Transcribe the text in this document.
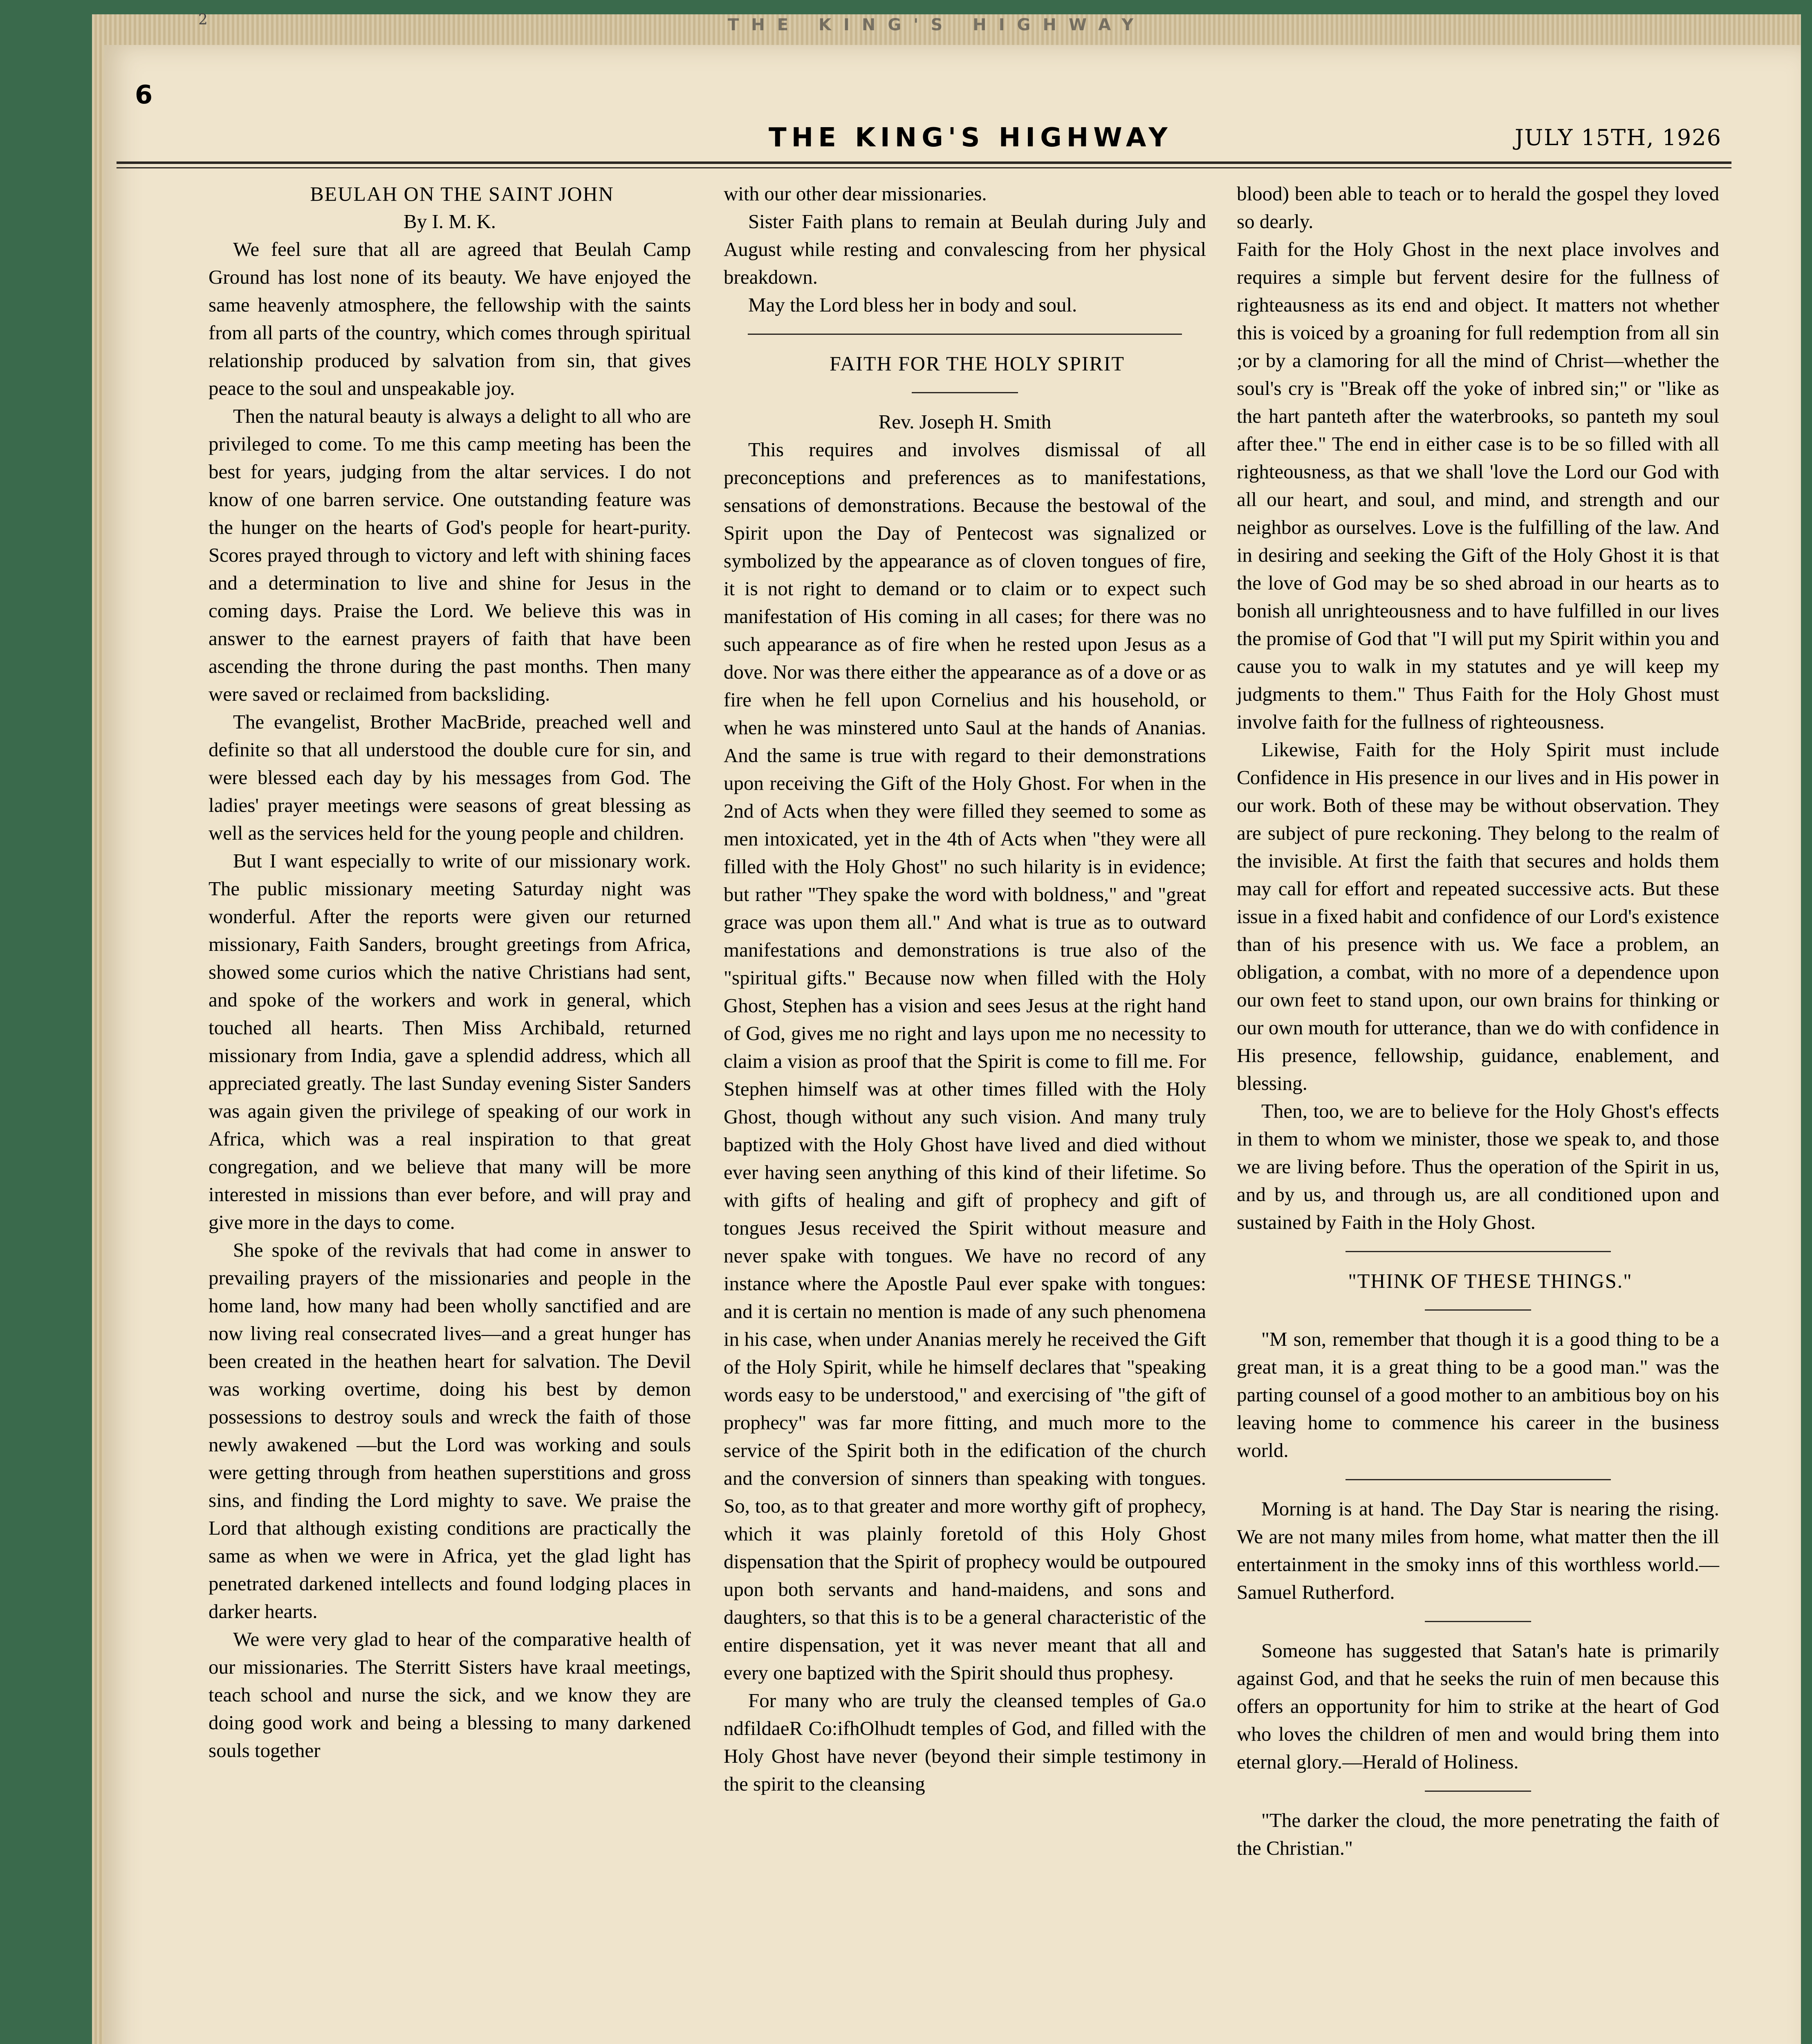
2	THE KING'S HIGHWAY
6
THE KING'S HIGHWAY	JULY 15TH, 1926

BEULAH ON THE SAINT JOHN

By I. M. K.

We feel sure that all are agreed that Beulah Camp Ground has lost none of its beauty. We have enjoyed the same heavenly atmosphere, the fellowship with the saints from all parts of the country, which comes through spiritual relationship produced by salvation from sin, that gives peace to the soul and unspeakable joy.

Then the natural beauty is always a delight to all who are privileged to come. To me this camp meeting has been the best for years, judging from the altar services. I do not know of one barren service. One outstanding feature was the hunger on the hearts of God's people for heart-purity. Scores prayed through to victory and left with shining faces and a determination to live and shine for Jesus in the coming days. Praise the Lord. We believe this was in answer to the earnest prayers of faith that have been ascending the throne during the past months. Then many were saved or reclaimed from backsliding.

The evangelist, Brother MacBride, preached well and definite so that all understood the double cure for sin, and were blessed each day by his messages from God. The ladies' prayer meetings were seasons of great blessing as well as the services held for the young people and children.

But I want especially to write of our missionary work. The public missionary meeting Saturday night was wonderful. After the reports were given our returned missionary, Faith Sanders, brought greetings from Africa, showed some curios which the native Christians had sent, and spoke of the workers and work in general, which touched all hearts. Then Miss Archibald, returned missionary from India, gave a splendid address, which all appreciated greatly. The last Sunday evening Sister Sanders was again given the privilege of speaking of our work in Africa, which was a real inspiration to that great congregation, and we believe that many will be more interested in missions than ever before, and will pray and give more in the days to come.

She spoke of the revivals that had come in answer to prevailing prayers of the missionaries and people in the home land, how many had been wholly sanctified and are now living real consecrated lives—and a great hunger has been created in the heathen heart for salvation. The Devil was working overtime, doing his best by demon possessions to destroy souls and wreck the faith of those newly awakened —but the Lord was working and souls were getting through from heathen superstitions and gross sins, and finding the Lord mighty to save. We praise the Lord that although existing conditions are practically the same as when we were in Africa, yet the glad light has penetrated darkened intellects and found lodging places in darker hearts.

We were very glad to hear of the comparative health of our missionaries. The Sterritt Sisters have kraal meetings, teach school and nurse the sick, and we know they are doing good work and being a blessing to many darkened souls together

with our other dear missionaries.

Sister Faith plans to remain at Beulah during July and August while resting and convalescing from her physical breakdown.

May the Lord bless her in body and soul.

FAITH FOR THE HOLY SPIRIT

Rev. Joseph H. Smith

This requires and involves dismissal of all preconceptions and preferences as to manifestations, sensations of demonstrations. Because the bestowal of the Spirit upon the Day of Pentecost was signalized or symbolized by the appearance as of cloven tongues of fire, it is not right to demand or to claim or to expect such manifestation of His coming in all cases; for there was no such appearance as of fire when he rested upon Jesus as a dove. Nor was there either the appearance as of a dove or as fire when he fell upon Cornelius and his household, or when he was minstered unto Saul at the hands of Ananias. And the same is true with regard to their demonstrations upon receiving the Gift of the Holy Ghost. For when in the 2nd of Acts when they were filled they seemed to some as men intoxicated, yet in the 4th of Acts when "they were all filled with the Holy Ghost" no such hilarity is in evidence; but rather "They spake the word with boldness," and "great grace was upon them all." And what is true as to outward manifestations and demonstrations is true also of the "spiritual gifts." Because now when filled with the Holy Ghost, Stephen has a vision and sees Jesus at the right hand of God, gives me no right and lays upon me no necessity to claim a vision as proof that the Spirit is come to fill me. For Stephen himself was at other times filled with the Holy Ghost, though without any such vision. And many truly baptized with the Holy Ghost have lived and died without ever having seen anything of this kind of their lifetime. So with gifts of healing and gift of prophecy and gift of tongues Jesus received the Spirit without measure and never spake with tongues. We have no record of any instance where the Apostle Paul ever spake with tongues: and it is certain no mention is made of any such phenomena in his case, when under Ananias merely he received the Gift of the Holy Spirit, while he himself declares that "speaking words easy to be understood," and exercising of "the gift of prophecy" was far more fitting, and much more to the service of the Spirit both in the edification of the church and the conversion of sinners than speaking with tongues. So, too, as to that greater and more worthy gift of prophecy, which it was plainly foretold of this Holy Ghost dispensation that the Spirit of prophecy would be outpoured upon both servants and hand-maidens, and sons and daughters, so that this is to be a general characteristic of the entire dispensation, yet it was never meant that all and every one baptized with the Spirit should thus prophesy.

For many who are truly the cleansed temples of Ga.o ndfildaeR Co:ifhOlhudt temples of God, and filled with the Holy Ghost have never (beyond their simple testimony in the spirit to the cleansing

blood) been able to teach or to herald the gospel they loved so dearly.

Faith for the Holy Ghost in the next place involves and requires a simple but fervent desire for the fullness of righteausness as its end and object. It matters not whether this is voiced by a groaning for full redemption from all sin ;or by a clamoring for all the mind of Christ—whether the soul's cry is "Break off the yoke of inbred sin;" or "like as the hart panteth after the waterbrooks, so panteth my soul after thee." The end in either case is to be so filled with all righteousness, as that we shall 'love the Lord our God with all our heart, and soul, and mind, and strength and our neighbor as ourselves. Love is the fulfilling of the law. And in desiring and seeking the Gift of the Holy Ghost it is that the love of God may be so shed abroad in our hearts as to bonish all unrighteousness and to have fulfilled in our lives the promise of God that "I will put my Spirit within you and cause you to walk in my statutes and ye will keep my judgments to them." Thus Faith for the Holy Ghost must involve faith for the fullness of righteousness.

Likewise, Faith for the Holy Spirit must include Confidence in His presence in our lives and in His power in our work. Both of these may be without observation. They are subject of pure reckoning. They belong to the realm of the invisible. At first the faith that secures and holds them may call for effort and repeated successive acts. But these issue in a fixed habit and confidence of our Lord's existence than of his presence with us. We face a problem, an obligation, a combat, with no more of a dependence upon our own feet to stand upon, our own brains for thinking or our own mouth for utterance, than we do with confidence in His presence, fellowship, guidance, enablement, and blessing.

Then, too, we are to believe for the Holy Ghost's effects in them to whom we minister, those we speak to, and those we are living before. Thus the operation of the Spirit in us, and by us, and through us, are all conditioned upon and sustained by Faith in the Holy Ghost.

"THINK OF THESE THINGS."

"M son, remember that though it is a good thing to be a great man, it is a great thing to be a good man." was the parting counsel of a good mother to an ambitious boy on his leaving home to commence his career in the business world.

Morning is at hand. The Day Star is nearing the rising. We are not many miles from home, what matter then the ill entertainment in the smoky inns of this worthless world.—Samuel Rutherford.

Someone has suggested that Satan's hate is primarily against God, and that he seeks the ruin of men because this offers an opportunity for him to strike at the heart of God who loves the children of men and would bring them into eternal glory.—Herald of Holiness.

"The darker the cloud, the more penetrating the faith of the Christian."
